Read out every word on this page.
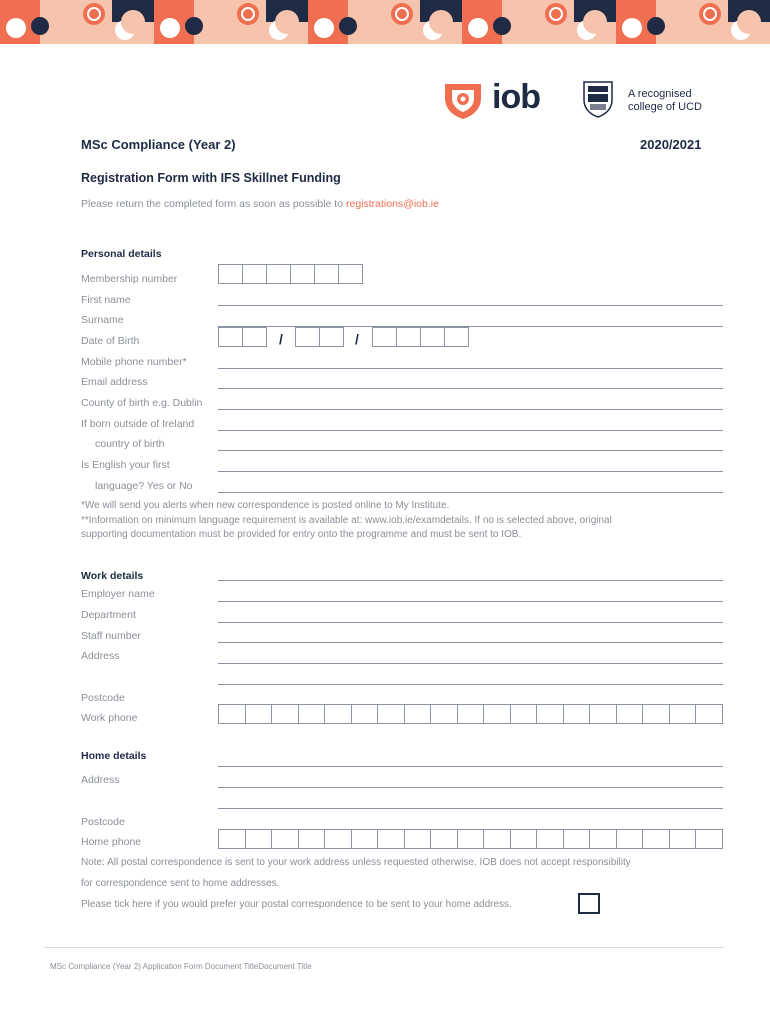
iob	A recognised
college of UCD
MSc Compliance (Year 2)	2020/2021
Registration Form with IFS Skillnet Funding
Please return the completed form as soon as possible to registrations@iob.ie
Personal details
Membership number
First name
Surname
Date of Birth	/	/
Mobile phone number*
Email address
County of birth e.g. Dublin
If born outside of Ireland
country of birth
Is English your first
language? Yes or No
*We will send you alerts when new correspondence is posted online to My Institute.
**Information on minimum language requirement is available at: www.iob.ie/examdetails. If no is selected above, original
supporting documentation must be provided for entry onto the programme and must be sent to IOB.
Work details
Employer name
Department
Staff number
Address
Postcode
Work phone
Home details
Address
Postcode
Home phone
Note: All postal correspondence is sent to your work address unless requested otherwise. IOB does not accept responsibility
for correspondence sent to home addresses.
Please tick here if you would prefer your postal correspondence to be sent to your home address.
MSc Compliance (Year 2) Application Form Document TitleDocument Title
